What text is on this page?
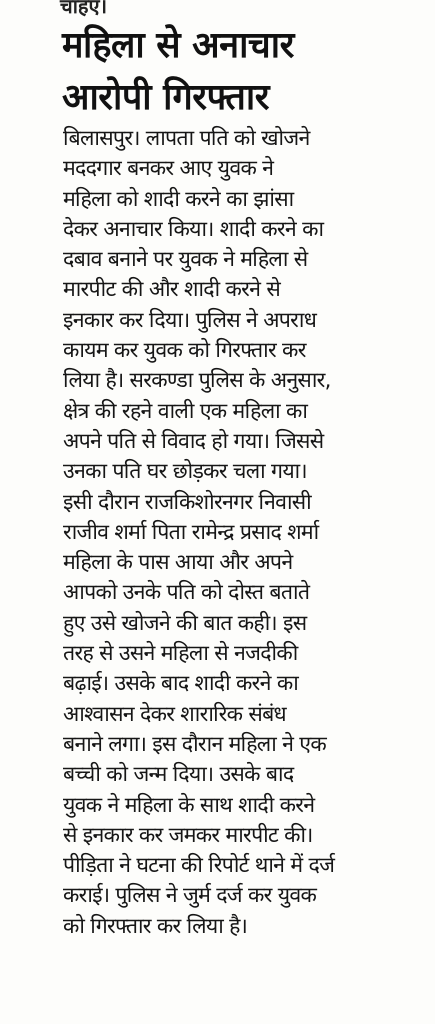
चाहए।
महिला से अनाचार
आरोपी गिरफ्तार
बिलासपुर। लापता पति को खोजने
मददगार बनकर आए युवक ने
महिला को शादी करने का झांसा
देकर अनाचार किया। शादी करने का
दबाव बनाने पर युवक ने महिला से
मारपीट की और शादी करने से
इनकार कर दिया। पुलिस ने अपराध
कायम कर युवक को गिरफ्तार कर
लिया है। सरकण्डा पुलिस के अनुसार,
क्षेत्र की रहने वाली एक महिला का
अपने पति से विवाद हो गया। जिससे
उनका पति घर छोड़कर चला गया।
इसी दौरान राजकिशोरनगर निवासी
राजीव शर्मा पिता रामेन्द्र प्रसाद शर्मा
महिला के पास आया और अपने
आपको उनके पति को दोस्त बताते
हुए उसे खोजने की बात कही। इस
तरह से उसने महिला से नजदीकी
बढ़ाई। उसके बाद शादी करने का
आश्वासन देकर शारारिक संबंध
बनाने लगा। इस दौरान महिला ने एक
बच्ची को जन्म दिया। उसके बाद
युवक ने महिला के साथ शादी करने
से इनकार कर जमकर मारपीट की।
पीड़िता ने घटना की रिपोर्ट थाने में दर्ज
कराई। पुलिस ने जुर्म दर्ज कर युवक
को गिरफ्तार कर लिया है।
